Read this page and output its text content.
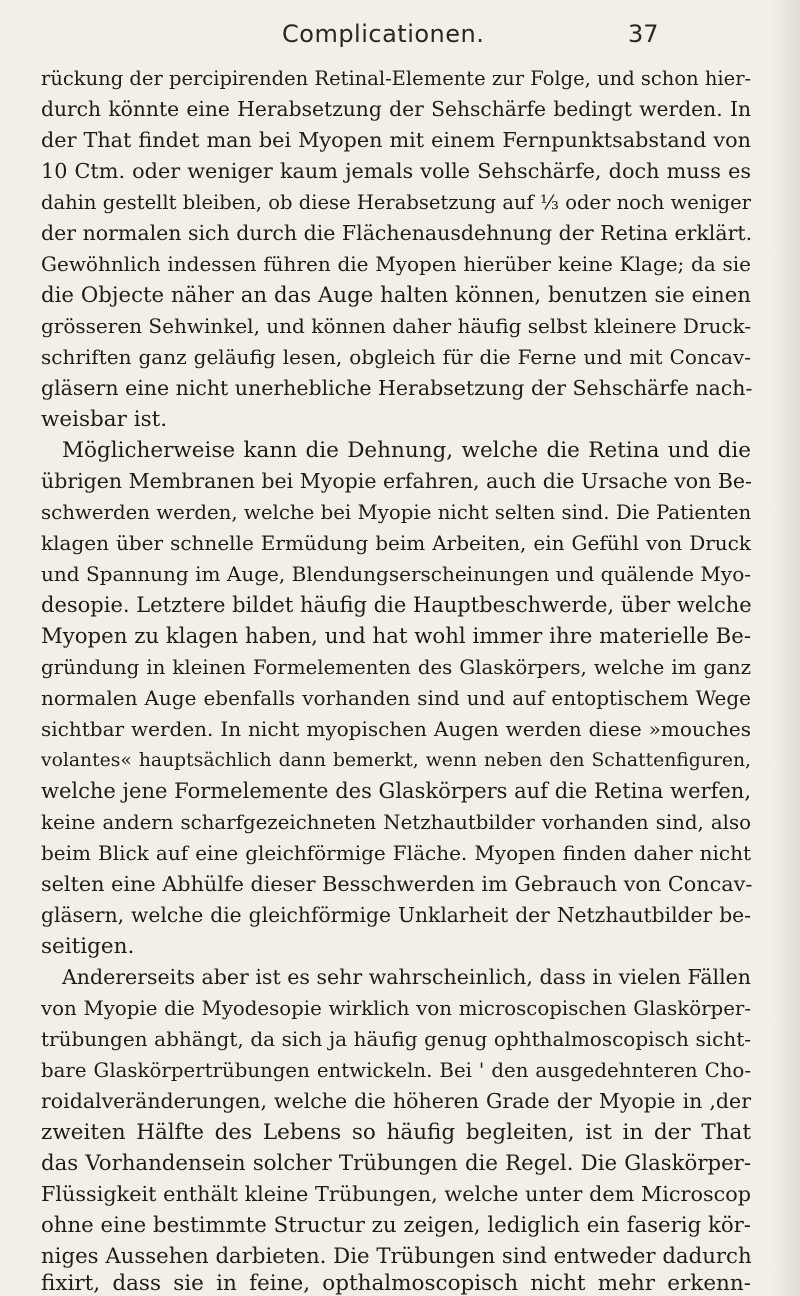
Complicationen.	37
rückung der percipirenden Retinal-Elemente zur Folge, und schon hier-
durch könnte eine Herabsetzung der Sehschärfe bedingt werden. In
der That findet man bei Myopen mit einem Fernpunktsabstand von
10 Ctm. oder weniger kaum jemals volle Sehschärfe, doch muss es
dahin gestellt bleiben, ob diese Herabsetzung auf ⅓ oder noch weniger
der normalen sich durch die Flächenausdehnung der Retina erklärt.
Gewöhnlich indessen führen die Myopen hierüber keine Klage; da sie
die Objecte näher an das Auge halten können, benutzen sie einen
grösseren Sehwinkel, und können daher häufig selbst kleinere Druck-
schriften ganz geläufig lesen, obgleich für die Ferne und mit Concav-
gläsern eine nicht unerhebliche Herabsetzung der Sehschärfe nach-
weisbar ist.
Möglicherweise kann die Dehnung, welche die Retina und die
übrigen Membranen bei Myopie erfahren, auch die Ursache von Be-
schwerden werden, welche bei Myopie nicht selten sind. Die Patienten
klagen über schnelle Ermüdung beim Arbeiten, ein Gefühl von Druck
und Spannung im Auge, Blendungserscheinungen und quälende Myo-
desopie. Letztere bildet häufig die Hauptbeschwerde, über welche
Myopen zu klagen haben, und hat wohl immer ihre materielle Be-
gründung in kleinen Formelementen des Glaskörpers, welche im ganz
normalen Auge ebenfalls vorhanden sind und auf entoptischem Wege
sichtbar werden. In nicht myopischen Augen werden diese »mouches
volantes« hauptsächlich dann bemerkt, wenn neben den Schattenfiguren,
welche jene Formelemente des Glaskörpers auf die Retina werfen,
keine andern scharfgezeichneten Netzhautbilder vorhanden sind, also
beim Blick auf eine gleichförmige Fläche. Myopen finden daher nicht
selten eine Abhülfe dieser Besschwerden im Gebrauch von Concav-
gläsern, welche die gleichförmige Unklarheit der Netzhautbilder be-
seitigen.
Andererseits aber ist es sehr wahrscheinlich, dass in vielen Fällen
von Myopie die Myodesopie wirklich von microscopischen Glaskörper-
trübungen abhängt, da sich ja häufig genug ophthalmoscopisch sicht-
bare Glaskörpertrübungen entwickeln. Bei ' den ausgedehnteren Cho-
roidalveränderungen, welche die höheren Grade der Myopie in ,der
zweiten Hälfte des Lebens so häufig begleiten, ist in der That
das Vorhandensein solcher Trübungen die Regel. Die Glaskörper-
Flüssigkeit enthält kleine Trübungen, welche unter dem Microscop
ohne eine bestimmte Structur zu zeigen, lediglich ein faserig kör-
niges Aussehen darbieten. Die Trübungen sind entweder dadurch
fixirt, dass sie in feine, opthalmoscopisch nicht mehr erkenn-
